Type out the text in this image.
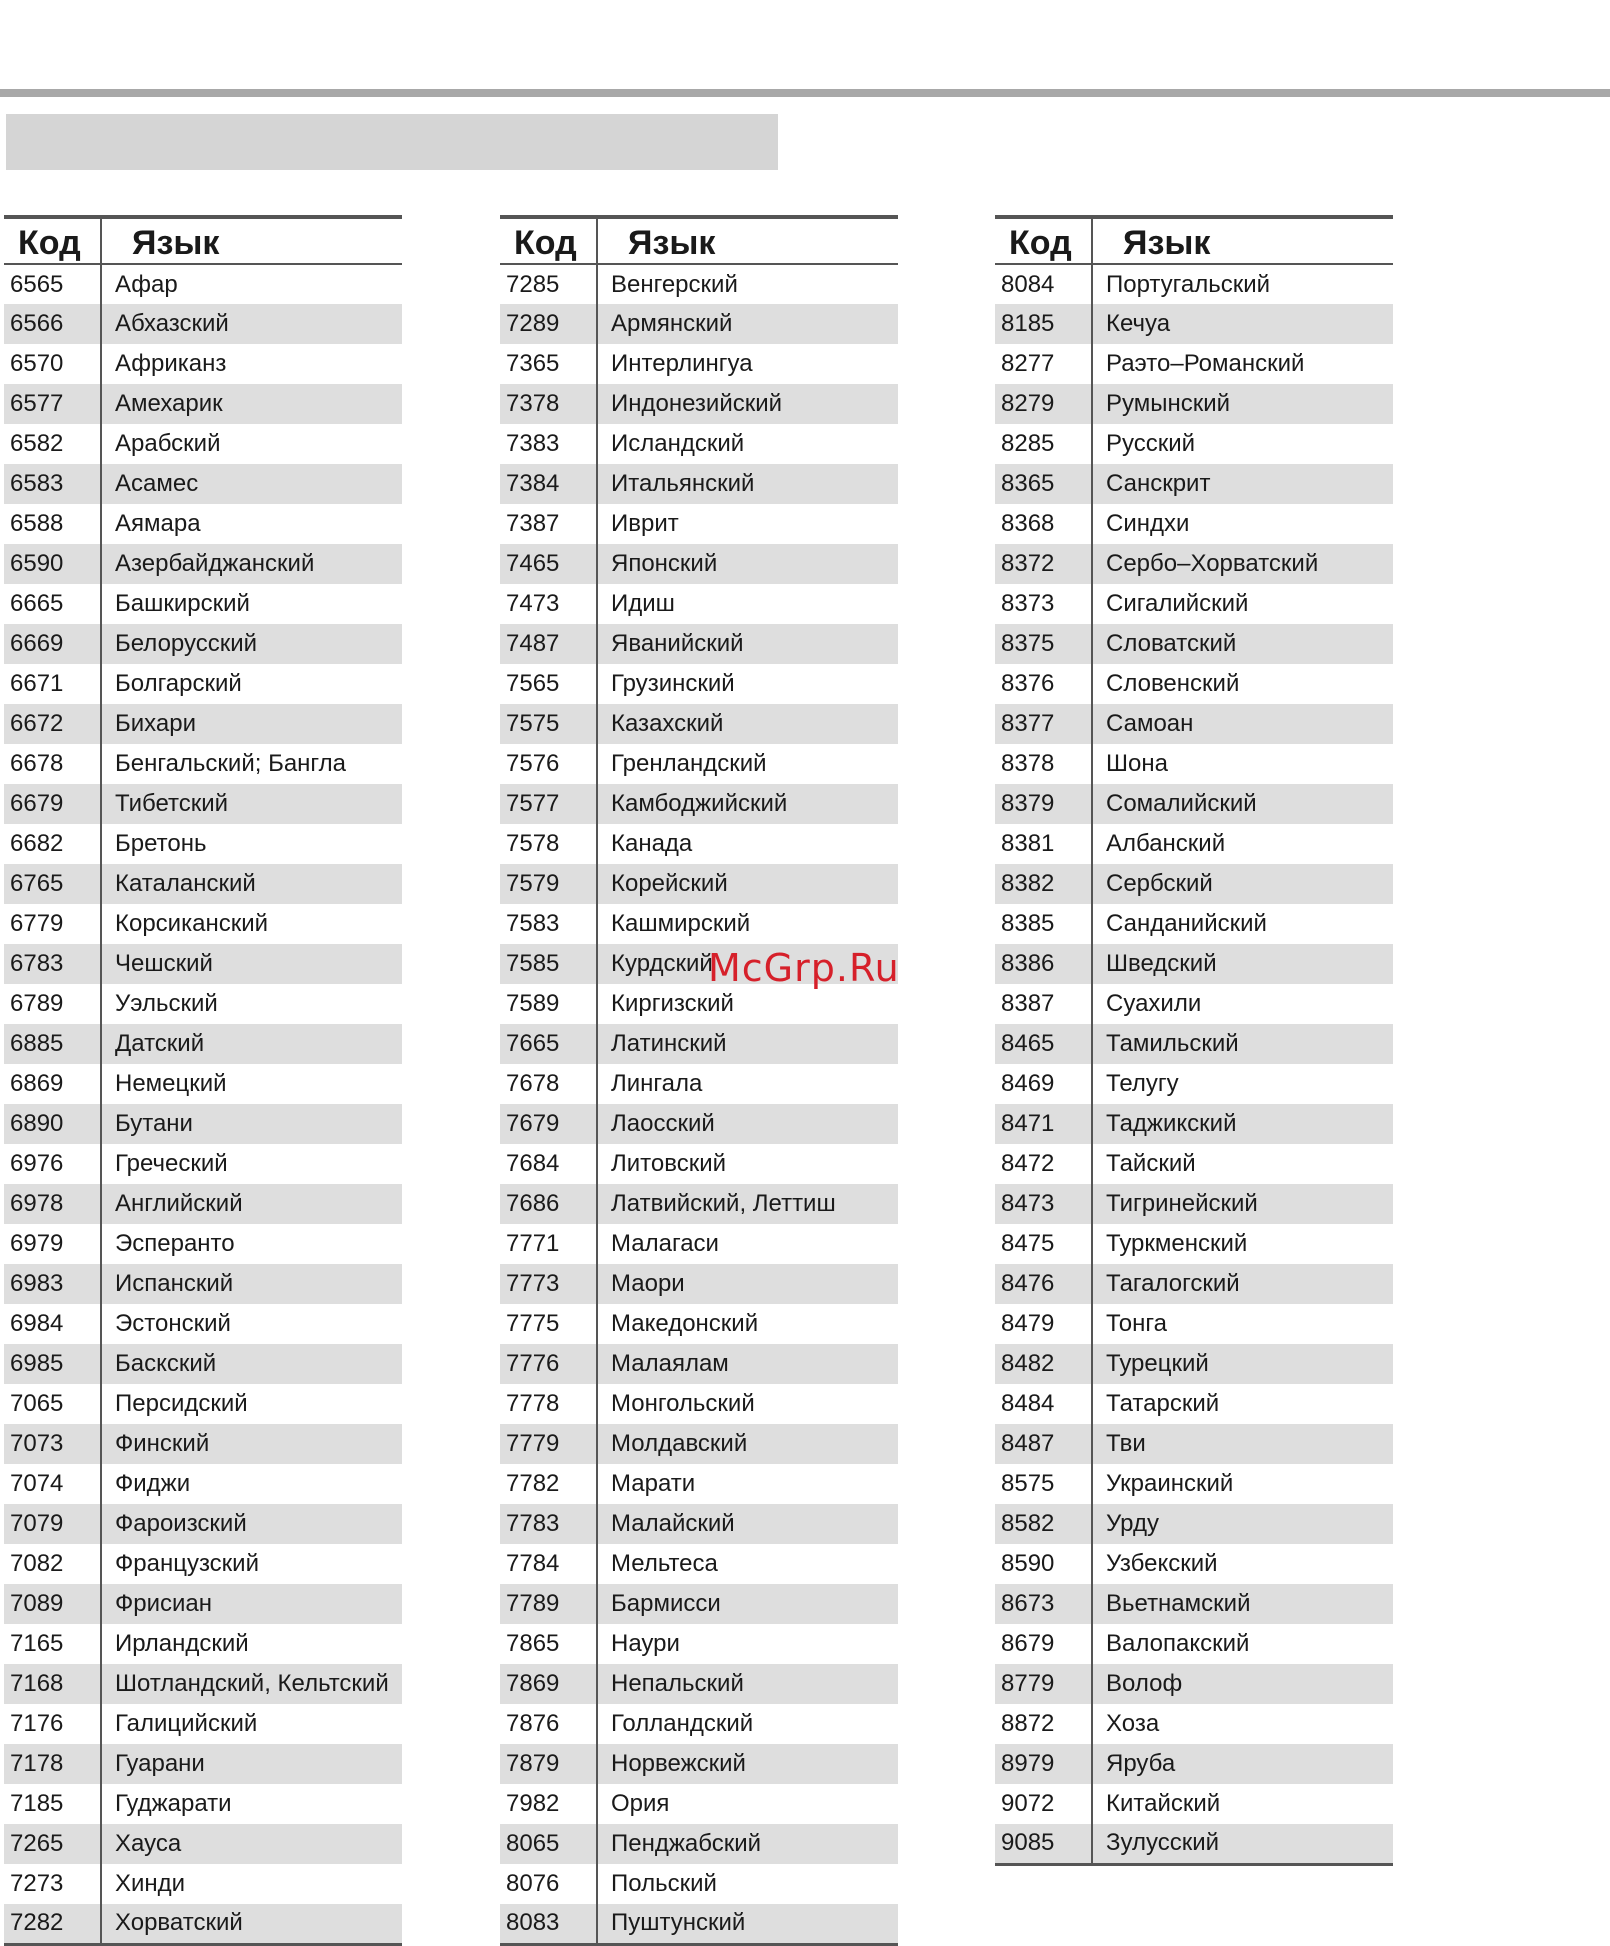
Код	Язык
6565	Афар
6566	Абхазский
6570	Африканз
6577	Амехарик
6582	Арабский
6583	Асамес
6588	Аямара
6590	Азербайджанский
6665	Башкирский
6669	Белорусский
6671	Болгарский
6672	Бихари
6678	Бенгальский; Бангла
6679	Тибетский
6682	Бретонь
6765	Каталанский
6779	Корсиканский
6783	Чешский
6789	Уэльский
6885	Датский
6869	Немецкий
6890	Бутани
6976	Греческий
6978	Английский
6979	Эсперанто
6983	Испанский
6984	Эстонский
6985	Баскский
7065	Персидский
7073	Финский
7074	Фиджи
7079	Фароизский
7082	Французский
7089	Фрисиан
7165	Ирландский
7168	Шотландский, Кельтский
7176	Галицийский
7178	Гуарани
7185	Гуджарати
7265	Хауса
7273	Хинди
7282	Хорватский
Код	Язык
7285	Венгерский
7289	Армянский
7365	Интерлингуа
7378	Индонезийский
7383	Исландский
7384	Итальянский
7387	Иврит
7465	Японский
7473	Идиш
7487	Яванийский
7565	Грузинский
7575	Казахский
7576	Гренландский
7577	Камбоджийский
7578	Канада
7579	Корейский
7583	Кашмирский
7585	Курдский
7589	Киргизский
7665	Латинский
7678	Лингала
7679	Лаосский
7684	Литовский
7686	Латвийский, Леттиш
7771	Малагаси
7773	Маори
7775	Македонский
7776	Малаялам
7778	Монгольский
7779	Молдавский
7782	Марати
7783	Малайский
7784	Мельтеса
7789	Бармисси
7865	Наури
7869	Непальский
7876	Голландский
7879	Норвежский
7982	Ория
8065	Пенджабский
8076	Польский
8083	Пуштунский
Код	Язык
8084	Португальский
8185	Кечуа
8277	Раэто–Романский
8279	Румынский
8285	Русский
8365	Санскрит
8368	Синдхи
8372	Сербо–Хорватский
8373	Сигалийский
8375	Словатский
8376	Словенский
8377	Самоан
8378	Шона
8379	Сомалийский
8381	Албанский
8382	Сербский
8385	Санданийский
8386	Шведский
8387	Суахили
8465	Тамильский
8469	Телугу
8471	Таджикский
8472	Тайский
8473	Тигринейский
8475	Туркменский
8476	Тагалогский
8479	Тонга
8482	Турецкий
8484	Татарский
8487	Тви
8575	Украинский
8582	Урду
8590	Узбекский
8673	Вьетнамский
8679	Валопакский
8779	Волоф
8872	Хоза
8979	Яруба
9072	Китайский
9085	Зулусский
McGrp.Ru
